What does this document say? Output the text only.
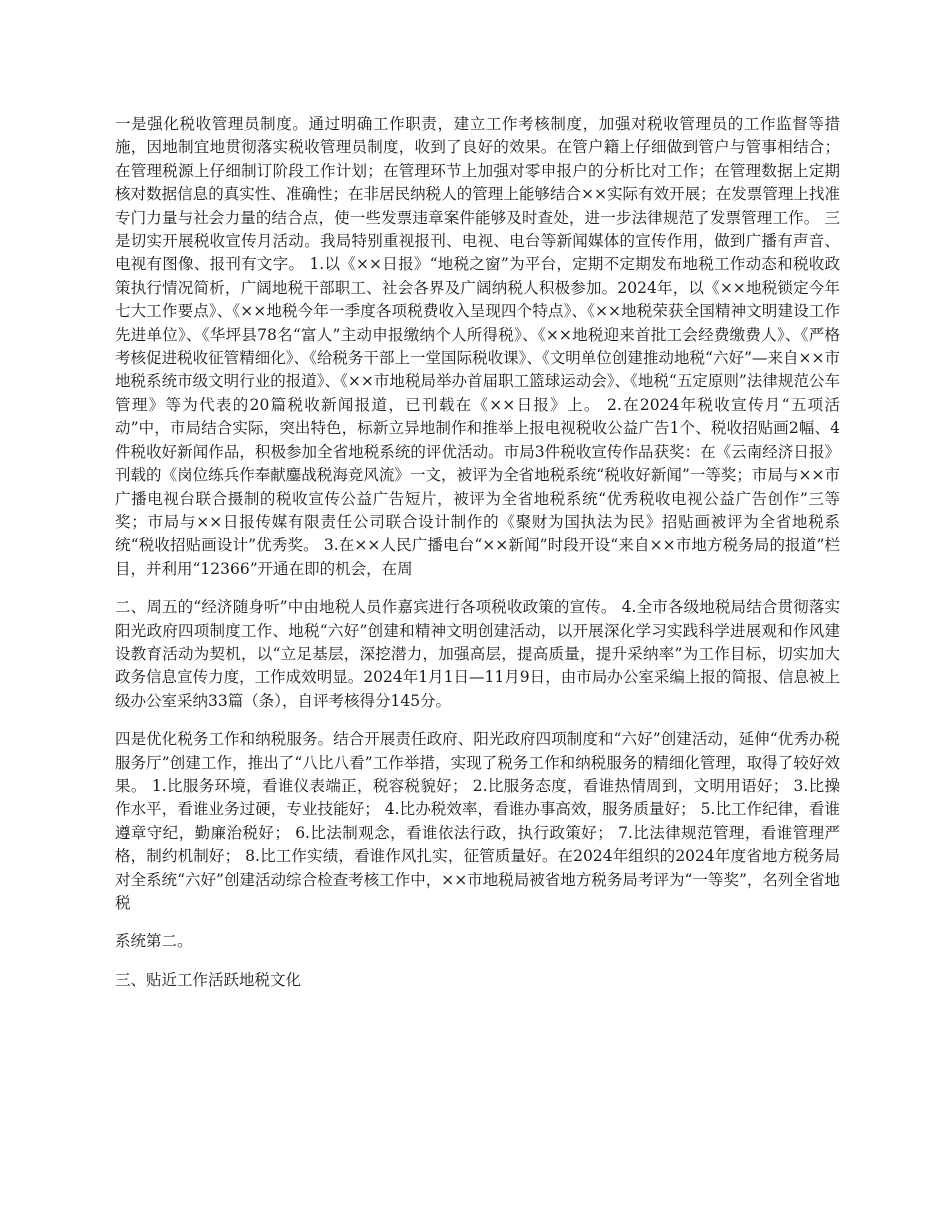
一是强化税收管理员制度。通过明确工作职责，建立工作考核制度，加强对税收管理员的工作监督等措施，因地制宜地贯彻落实税收管理员制度，收到了良好的效果。在管户籍上仔细做到管户与管事相结合；在管理税源上仔细制订阶段工作计划；在管理环节上加强对零申报户的分析比对工作；在管理数据上定期核对数据信息的真实性、准确性；在非居民纳税人的管理上能够结合××实际有效开展；在发票管理上找准专门力量与社会力量的结合点，使一些发票违章案件能够及时查处，进一步法律规范了发票管理工作。 三是切实开展税收宣传月活动。我局特别重视报刊、电视、电台等新闻媒体的宣传作用，做到广播有声音、电视有图像、报刊有文字。 1.以《××日报》“地税之窗”为平台，定期不定期发布地税工作动态和税收政策执行情况简析，广阔地税干部职工、社会各界及广阔纳税人积极参加。2024年，以《××地税锁定今年七大工作要点》、《××地税今年一季度各项税费收入呈现四个特点》、《××地税荣获全国精神文明建设工作先进单位》、《华坪县78名“富人”主动申报缴纳个人所得税》、《××地税迎来首批工会经费缴费人》、《严格考核促进税收征管精细化》、《给税务干部上一堂国际税收课》、《文明单位创建推动地税“六好”—来自××市地税系统市级文明行业的报道》、《××市地税局举办首届职工篮球运动会》、《地税“五定原则”法律规范公车管理》等为代表的20篇税收新闻报道，已刊载在《××日报》上。 2.在2024年税收宣传月“五项活动”中，市局结合实际，突出特色，标新立异地制作和推举上报电视税收公益广告1个、税收招贴画2幅、4件税收好新闻作品，积极参加全省地税系统的评优活动。市局3件税收宣传作品获奖：在《云南经济日报》刊载的《岗位练兵作奉献鏖战税海竞风流》一文，被评为全省地税系统“税收好新闻”一等奖；市局与××市广播电视台联合摄制的税收宣传公益广告短片，被评为全省地税系统“优秀税收电视公益广告创作”三等奖；市局与××日报传媒有限责任公司联合设计制作的《聚财为国执法为民》招贴画被评为全省地税系统“税收招贴画设计”优秀奖。 3.在××人民广播电台“××新闻”时段开设“来自××市地方税务局的报道”栏目，并利用“12366”开通在即的机会，在周

二、周五的“经济随身听”中由地税人员作嘉宾进行各项税收政策的宣传。 4.全市各级地税局结合贯彻落实阳光政府四项制度工作、地税“六好”创建和精神文明创建活动，以开展深化学习实践科学进展观和作风建设教育活动为契机，以“立足基层，深挖潜力，加强高层，提高质量，提升采纳率”为工作目标，切实加大政务信息宣传力度，工作成效明显。2024年1月1日—11月9日，由市局办公室采编上报的简报、信息被上级办公室采纳33篇（条），自评考核得分145分。

四是优化税务工作和纳税服务。结合开展责任政府、阳光政府四项制度和“六好”创建活动，延伸“优秀办税服务厅”创建工作，推出了“八比八看”工作举措，实现了税务工作和纳税服务的精细化管理，取得了较好效果。 1.比服务环境，看谁仪表端正，税容税貌好； 2.比服务态度，看谁热情周到，文明用语好； 3.比操作水平，看谁业务过硬，专业技能好； 4.比办税效率，看谁办事高效，服务质量好； 5.比工作纪律，看谁遵章守纪，勤廉治税好； 6.比法制观念，看谁依法行政，执行政策好； 7.比法律规范管理，看谁管理严格，制约机制好； 8.比工作实绩，看谁作风扎实，征管质量好。在2024年组织的2024年度省地方税务局对全系统“六好”创建活动综合检查考核工作中，××市地税局被省地方税务局考评为“一等奖”，名列全省地税

系统第二。

三、贴近工作活跃地税文化
